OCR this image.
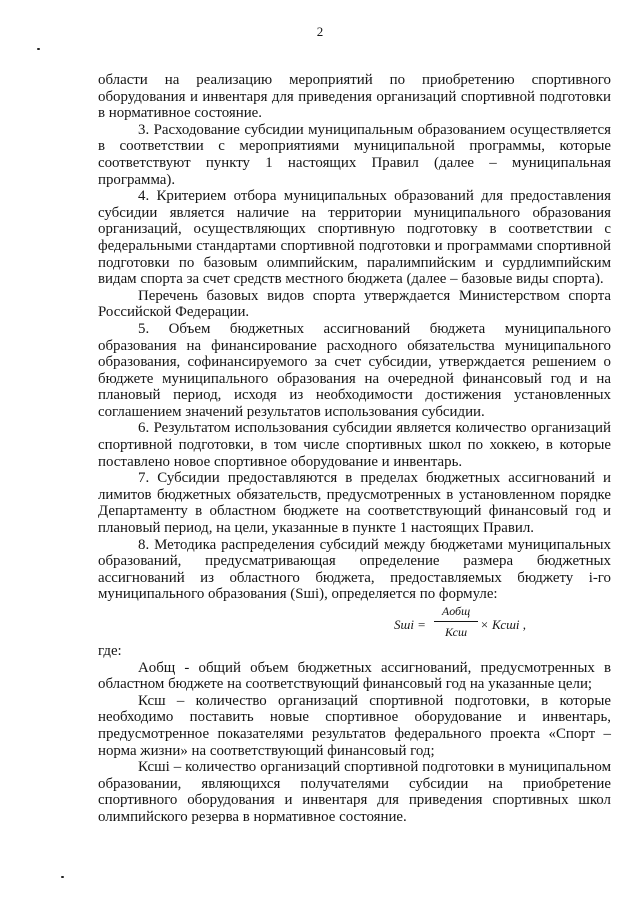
2

области на реализацию мероприятий по приобретению спортивного оборудования и инвентаря для приведения организаций спортивной подготовки в нормативное состояние.

3. Расходование субсидии муниципальным образованием осуществляется в соответствии с мероприятиями муниципальной программы, которые соответствуют пункту 1 настоящих Правил (далее – муниципальная программа).

4. Критерием отбора муниципальных образований для предоставления субсидии является наличие на территории муниципального образования организаций, осуществляющих спортивную подготовку в соответствии с федеральными стандартами спортивной подготовки и программами спортивной подготовки по базовым олимпийским, паралимпийским и сурдлимпийским видам спорта за счет средств местного бюджета (далее – базовые виды спорта).

Перечень базовых видов спорта утверждается Министерством спорта Российской Федерации.

5. Объем бюджетных ассигнований бюджета муниципального образования на финансирование расходного обязательства муниципального образования, софинансируемого за счет субсидии, утверждается решением о бюджете муниципального образования на очередной финансовый год и на плановый период, исходя из необходимости достижения установленных соглашением значений результатов использования субсидии.

6. Результатом использования субсидии является количество организаций спортивной подготовки, в том числе спортивных школ по хоккею, в которые поставлено новое спортивное оборудование и инвентарь.

7. Субсидии предоставляются в пределах бюджетных ассигнований и лимитов бюджетных обязательств, предусмотренных в установленном порядке Департаменту в областном бюджете на соответствующий финансовый год и плановый период, на цели, указанные в пункте 1 настоящих Правил.

8. Методика распределения субсидий между бюджетами муниципальных образований, предусматривающая определение размера бюджетных ассигнований из областного бюджета, предоставляемых бюджету i-го муниципального образования (Sшi), определяется по формуле:

Sшi =
Aобщ
Ксш × Ксшi ,

где:

Aобщ - общий объем бюджетных ассигнований, предусмотренных в областном бюджете на соответствующий финансовый год на указанные цели;

Ксш – количество организаций спортивной подготовки, в которые необходимо поставить новые спортивное оборудование и инвентарь, предусмотренное показателями результатов федерального проекта «Спорт – норма жизни» на соответствующий финансовый год;

Ксшi – количество организаций спортивной подготовки в муниципальном образовании, являющихся получателями субсидии на приобретение спортивного оборудования и инвентаря для приведения спортивных школ олимпийского резерва в нормативное состояние.
